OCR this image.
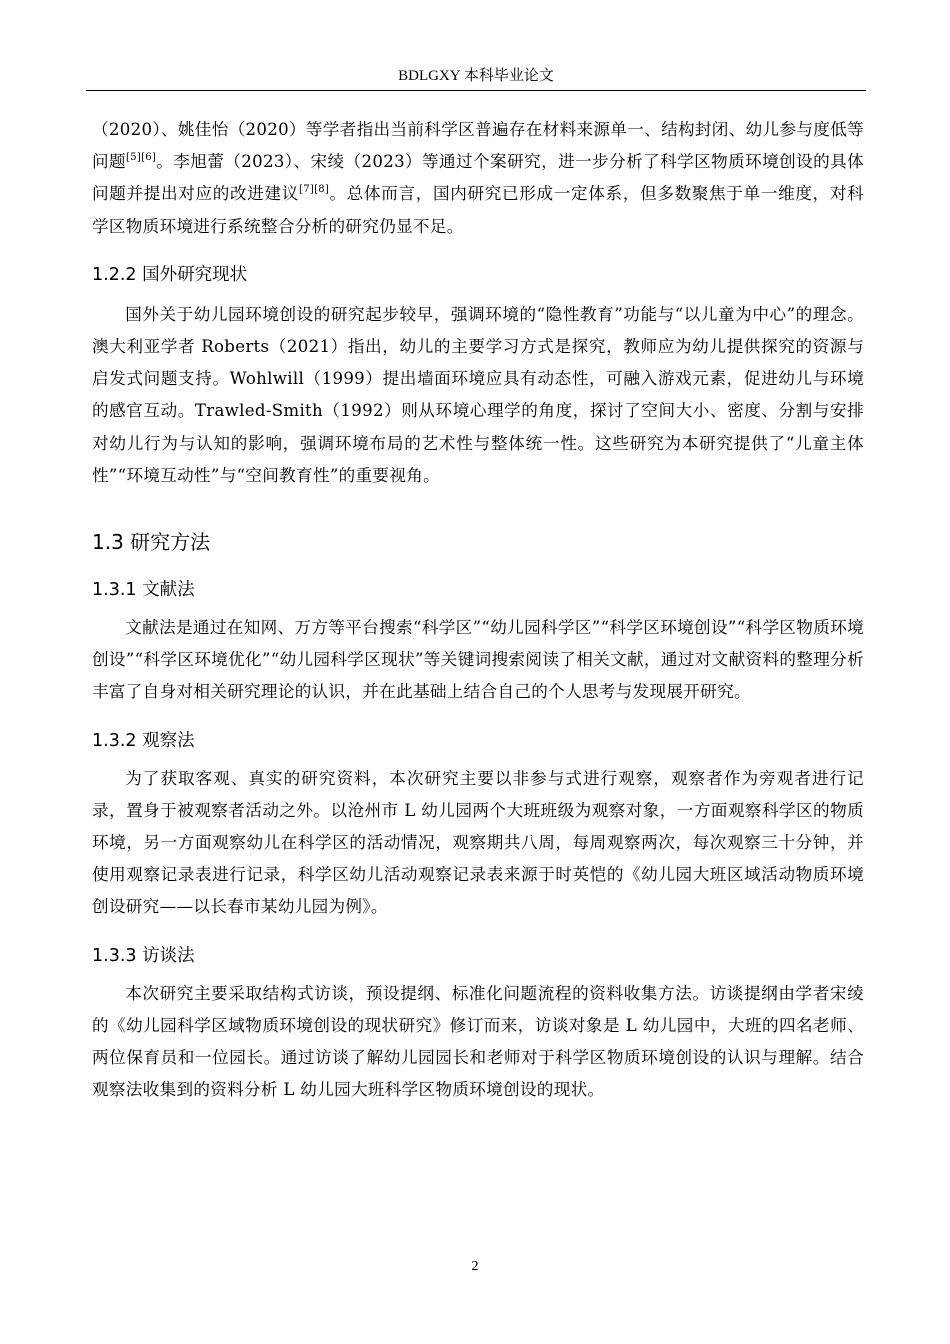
BDLGXY 本科毕业论文

（2020）、姚佳怡（2020）等学者指出当前科学区普遍存在材料来源单一、结构封闭、幼儿参与度低等问题[5][6]。李旭蕾（2023）、宋绫（2023）等通过个案研究，进一步分析了科学区物质环境创设的具体问题并提出对应的改进建议[7][8]。总体而言，国内研究已形成一定体系，但多数聚焦于单一维度，对科学区物质环境进行系统整合分析的研究仍显不足。

1.2.2 国外研究现状

国外关于幼儿园环境创设的研究起步较早，强调环境的“隐性教育”功能与“以儿童为中心”的理念。澳大利亚学者 Roberts（2021）指出，幼儿的主要学习方式是探究，教师应为幼儿提供探究的资源与启发式问题支持。Wohlwill（1999）提出墙面环境应具有动态性，可融入游戏元素，促进幼儿与环境的感官互动。Trawled-Smith（1992）则从环境心理学的角度，探讨了空间大小、密度、分割与安排对幼儿行为与认知的影响，强调环境布局的艺术性与整体统一性。这些研究为本研究提供了“儿童主体性”“环境互动性”与“空间教育性”的重要视角。

1.3 研究方法
1.3.1 文献法

文献法是通过在知网、万方等平台搜索“科学区”“幼儿园科学区”“科学区环境创设”“科学区物质环境创设”“科学区环境优化”“幼儿园科学区现状”等关键词搜索阅读了相关文献，通过对文献资料的整理分析丰富了自身对相关研究理论的认识，并在此基础上结合自己的个人思考与发现展开研究。

1.3.2 观察法

为了获取客观、真实的研究资料，本次研究主要以非参与式进行观察，观察者作为旁观者进行记录，置身于被观察者活动之外。以沧州市 L 幼儿园两个大班班级为观察对象，一方面观察科学区的物质环境，另一方面观察幼儿在科学区的活动情况，观察期共八周，每周观察两次，每次观察三十分钟，并使用观察记录表进行记录，科学区幼儿活动观察记录表来源于时英恺的《幼儿园大班区域活动物质环境创设研究——以长春市某幼儿园为例》。

1.3.3 访谈法

本次研究主要采取结构式访谈，预设提纲、标准化问题流程的资料收集方法。访谈提纲由学者宋绫的《幼儿园科学区域物质环境创设的现状研究》修订而来，访谈对象是 L 幼儿园中，大班的四名老师、两位保育员和一位园长。通过访谈了解幼儿园园长和老师对于科学区物质环境创设的认识与理解。结合观察法收集到的资料分析 L 幼儿园大班科学区物质环境创设的现状。

2
